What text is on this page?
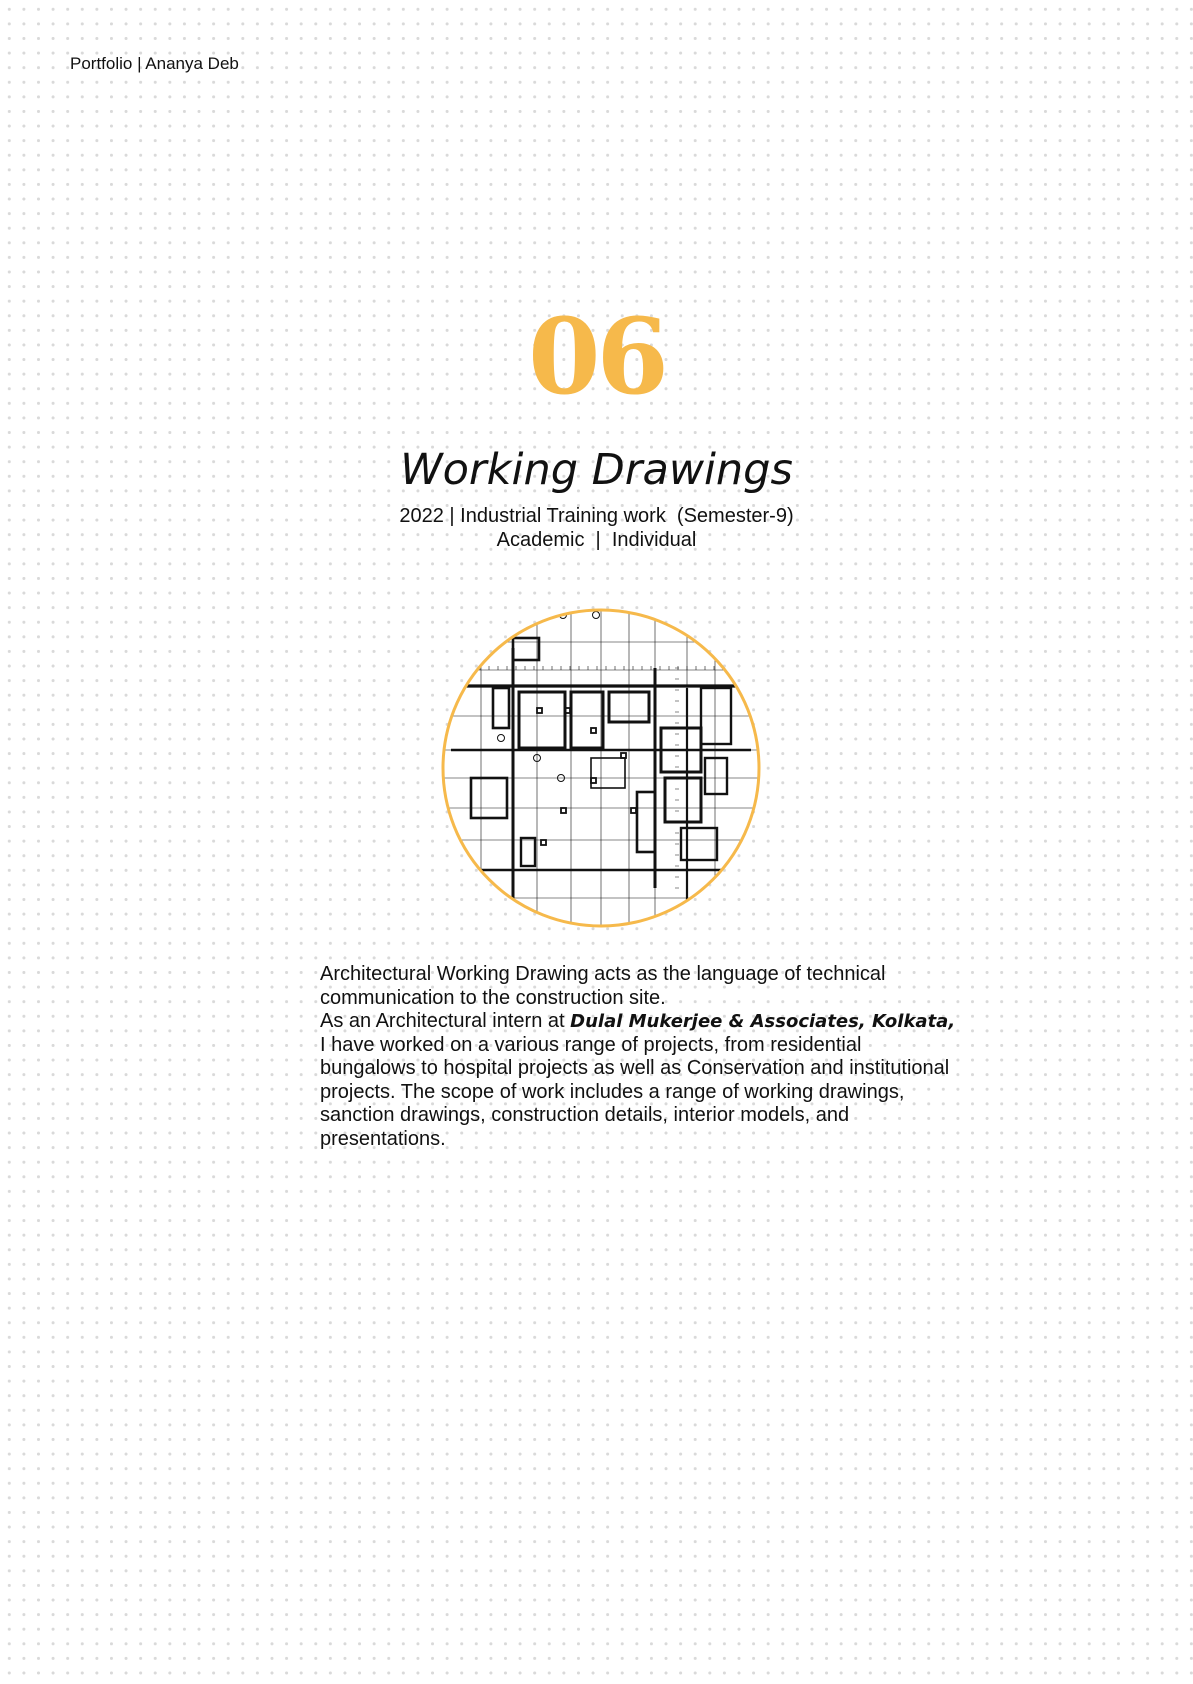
Portfolio | Ananya Deb
06
Working Drawings
2022 | Industrial Training work  (Semester-9)
Academic  |  Individual

Architectural Working Drawing acts as the language of technical communication to the construction site.

As an Architectural intern at Dulal Mukerjee & Associates, Kolkata, I have worked on a various range of projects, from residential bungalows to hospital projects as well as Conservation and institutional projects. The scope of work includes a range of working drawings, sanction drawings, construction details, interior models, and presentations.
